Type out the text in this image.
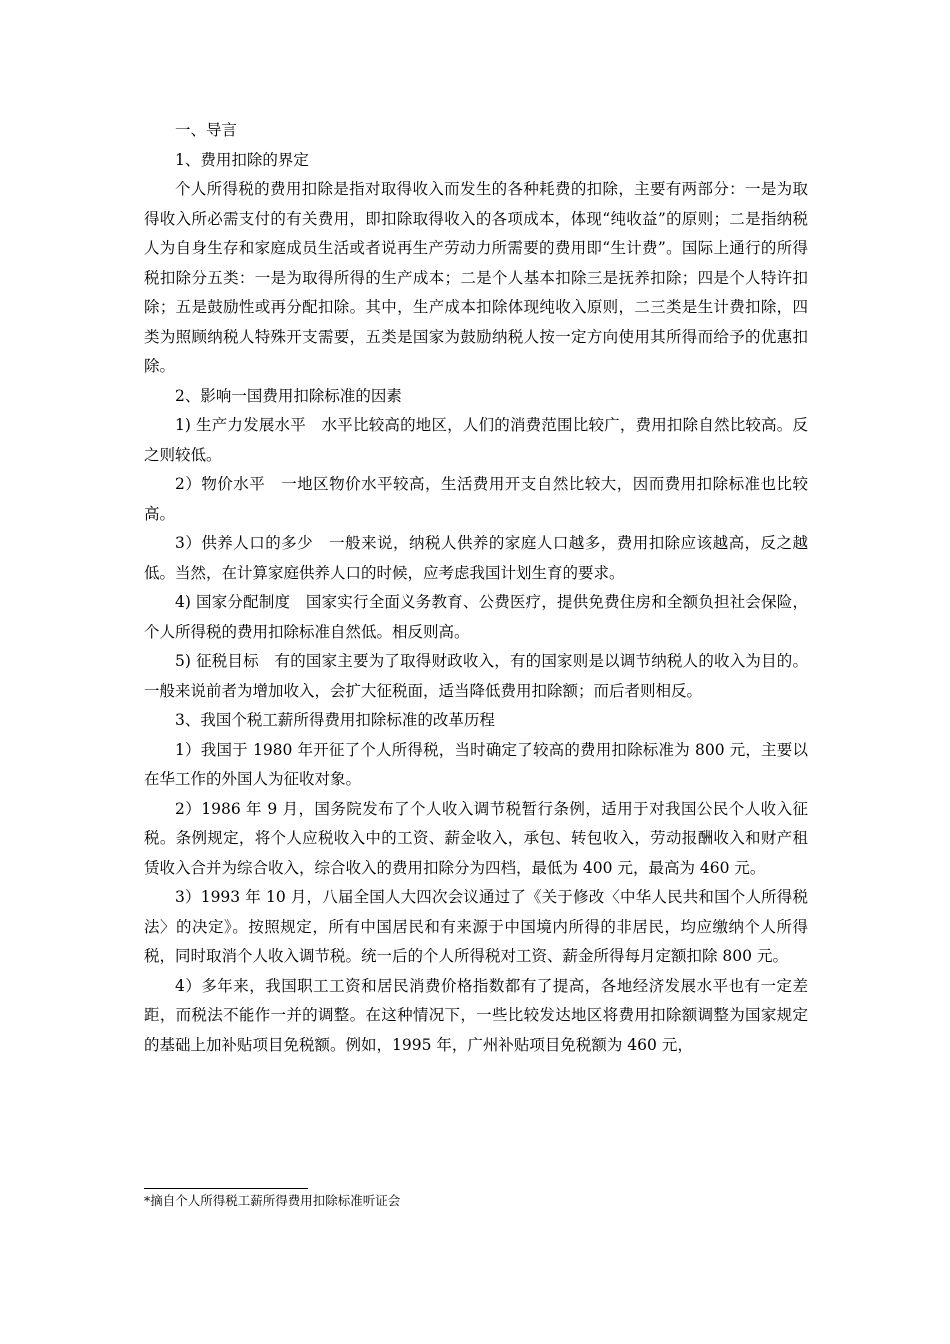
一、导言

1、费用扣除的界定

个人所得税的费用扣除是指对取得收入而发生的各种耗费的扣除，主要有两部分：一是为取得收入所必需支付的有关费用，即扣除取得收入的各项成本，体现“纯收益”的原则；二是指纳税人为自身生存和家庭成员生活或者说再生产劳动力所需要的费用即“生计费”。国际上通行的所得税扣除分五类：一是为取得所得的生产成本；二是个人基本扣除三是抚养扣除；四是个人特许扣除；五是鼓励性或再分配扣除。其中，生产成本扣除体现纯收入原则，二三类是生计费扣除，四类为照顾纳税人特殊开支需要，五类是国家为鼓励纳税人按一定方向使用其所得而给予的优惠扣除。

2、影响一国费用扣除标准的因素

1) 生产力发展水平　水平比较高的地区，人们的消费范围比较广，费用扣除自然比较高。反之则较低。

2）物价水平　一地区物价水平较高，生活费用开支自然比较大，因而费用扣除标准也比较高。

3）供养人口的多少　一般来说，纳税人供养的家庭人口越多，费用扣除应该越高，反之越低。当然，在计算家庭供养人口的时候，应考虑我国计划生育的要求。

4) 国家分配制度　国家实行全面义务教育、公费医疗，提供免费住房和全额负担社会保险，个人所得税的费用扣除标准自然低。相反则高。

5) 征税目标　有的国家主要为了取得财政收入，有的国家则是以调节纳税人的收入为目的。一般来说前者为增加收入，会扩大征税面，适当降低费用扣除额；而后者则相反。

3、我国个税工薪所得费用扣除标准的改革历程

1）我国于 1980 年开征了个人所得税，当时确定了较高的费用扣除标准为 800 元，主要以在华工作的外国人为征收对象。

2）1986 年 9 月，国务院发布了个人收入调节税暂行条例，适用于对我国公民个人收入征税。条例规定，将个人应税收入中的工资、薪金收入，承包、转包收入，劳动报酬收入和财产租赁收入合并为综合收入，综合收入的费用扣除分为四档，最低为 400 元，最高为 460 元。

3）1993 年 10 月，八届全国人大四次会议通过了《关于修改〈中华人民共和国个人所得税法〉的决定》。按照规定，所有中国居民和有来源于中国境内所得的非居民，均应缴纳个人所得税，同时取消个人收入调节税。统一后的个人所得税对工资、薪金所得每月定额扣除 800 元。

4）多年来，我国职工工资和居民消费价格指数都有了提高，各地经济发展水平也有一定差距，而税法不能作一并的调整。在这种情况下，一些比较发达地区将费用扣除额调整为国家规定的基础上加补贴项目免税额。例如，1995 年，广州补贴项目免税额为 460 元，

*摘自个人所得税工薪所得费用扣除标准听证会
